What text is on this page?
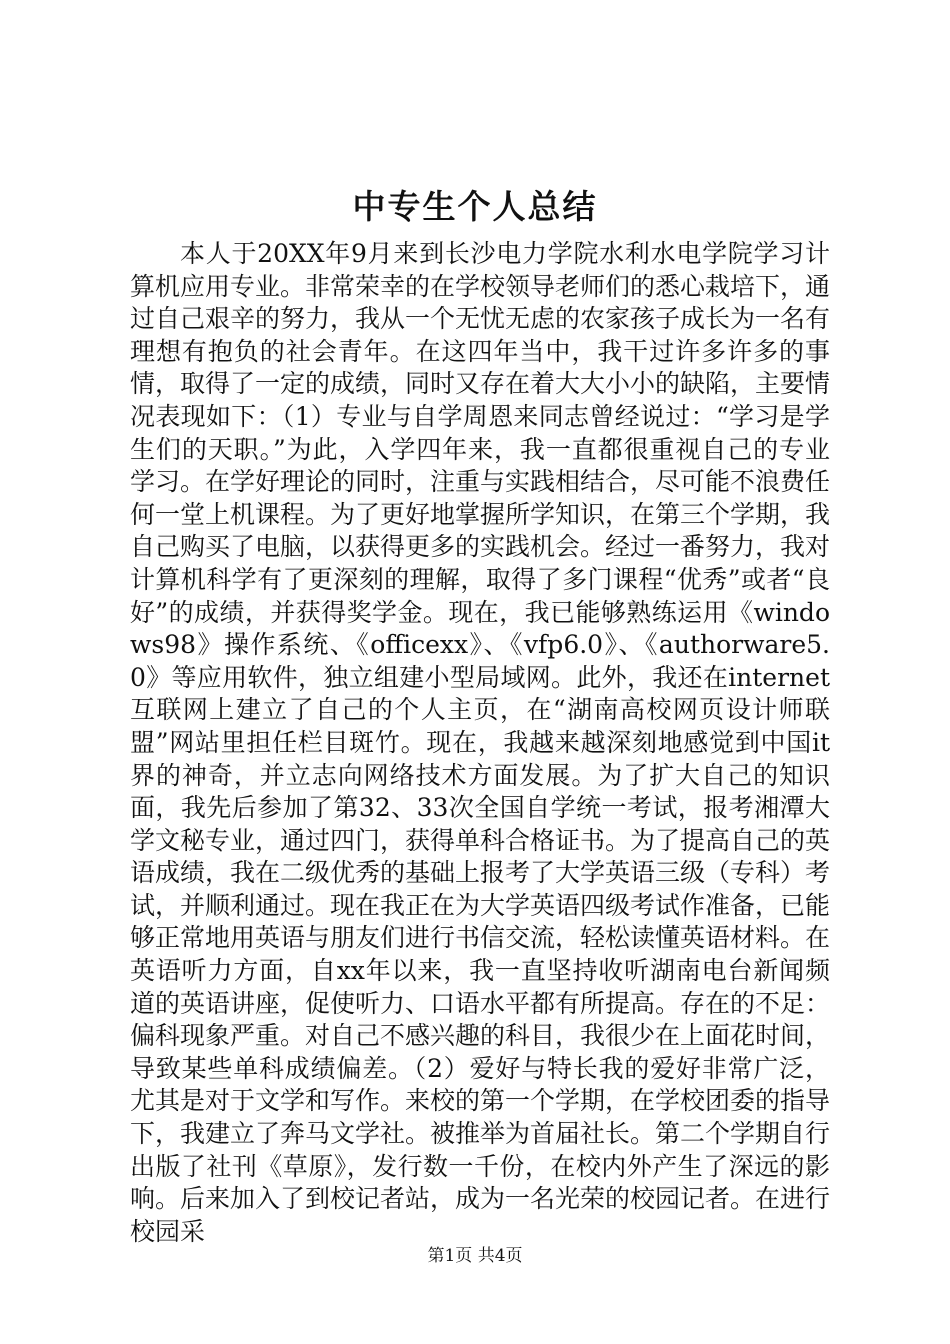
中专生个人总结

本人于20XX年9月来到长沙电力学院水利水电学院学习计算机应用专业。非常荣幸的在学校领导老师们的悉心栽培下，通过自己艰辛的努力，我从一个无忧无虑的农家孩子成长为一名有理想有抱负的社会青年。在这四年当中，我干过许多许多的事情，取得了一定的成绩，同时又存在着大大小小的缺陷，主要情况表现如下：（1）专业与自学周恩来同志曾经说过：“学习是学生们的天职。”为此，入学四年来，我一直都很重视自己的专业学习。在学好理论的同时，注重与实践相结合，尽可能不浪费任何一堂上机课程。为了更好地掌握所学知识，在第三个学期，我自己购买了电脑，以获得更多的实践机会。经过一番努力，我对计算机科学有了更深刻的理解，取得了多门课程“优秀”或者“良好”的成绩，并获得奖学金。现在，我已能够熟练运用《windows98》操作系统、《officexx》、《vfp6.0》、《authorware5.0》等应用软件，独立组建小型局域网。此外，我还在internet互联网上建立了自己的个人主页，在“湖南高校网页设计师联盟”网站里担任栏目斑竹。现在，我越来越深刻地感觉到中国it界的神奇，并立志向网络技术方面发展。为了扩大自己的知识面，我先后参加了第32、33次全国自学统一考试，报考湘潭大学文秘专业，通过四门，获得单科合格证书。为了提高自己的英语成绩，我在二级优秀的基础上报考了大学英语三级（专科）考试，并顺利通过。现在我正在为大学英语四级考试作准备，已能够正常地用英语与朋友们进行书信交流，轻松读懂英语材料。在英语听力方面，自xx年以来，我一直坚持收听湖南电台新闻频道的英语讲座，促使听力、口语水平都有所提高。存在的不足：偏科现象严重。对自己不感兴趣的科目，我很少在上面花时间，导致某些单科成绩偏差。（2）爱好与特长我的爱好非常广泛，尤其是对于文学和写作。来校的第一个学期，在学校团委的指导下，我建立了奔马文学社。被推举为首届社长。第二个学期自行出版了社刊《草原》，发行数一千份，在校内外产生了深远的影响。后来加入了到校记者站，成为一名光荣的校园记者。在进行校园采

第1页 共4页
